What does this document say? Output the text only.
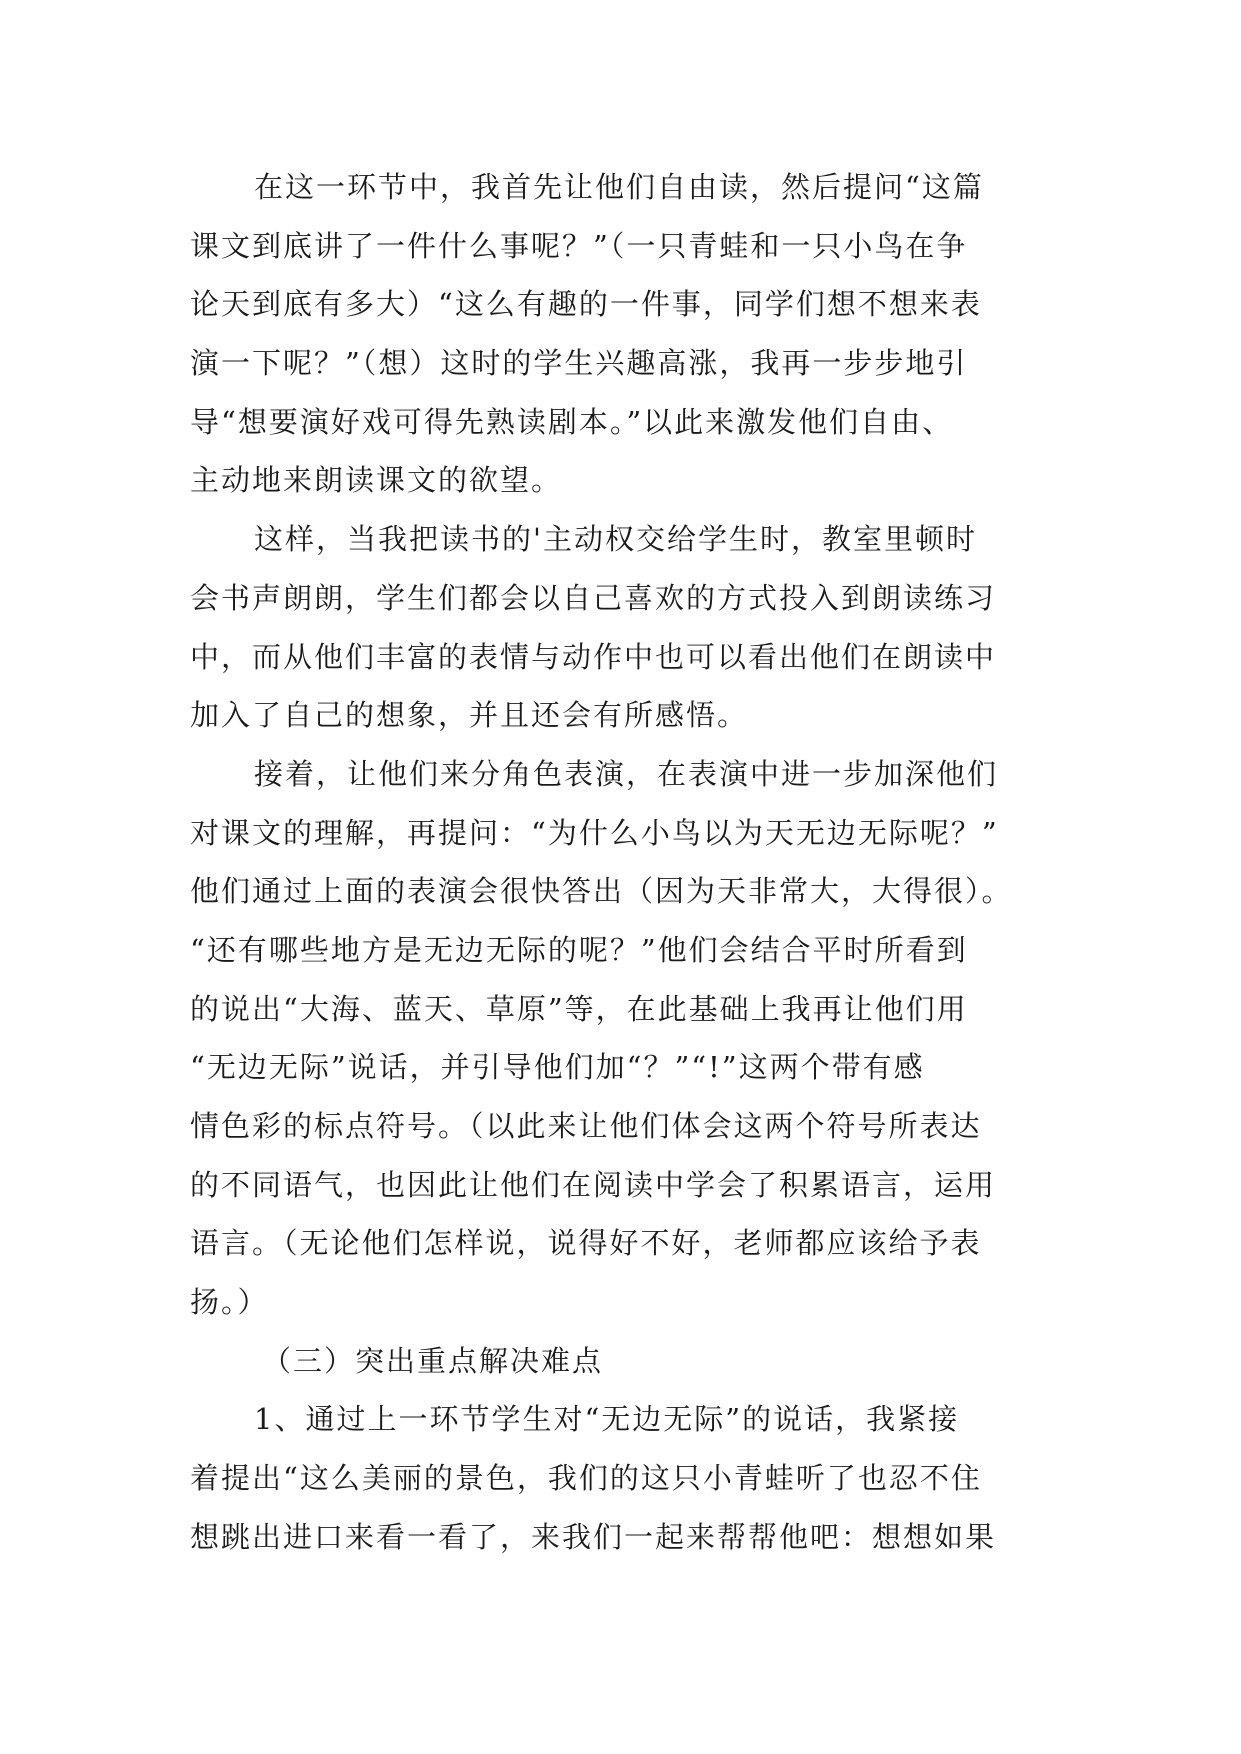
在这一环节中，我首先让他们自由读，然后提问“这篇
课文到底讲了一件什么事呢？”（一只青蛙和一只小鸟在争
论天到底有多大）“这么有趣的一件事，同学们想不想来表
演一下呢？”（想）这时的学生兴趣高涨，我再一步步地引
导“想要演好戏可得先熟读剧本。”以此来激发他们自由、
主动地来朗读课文的欲望。
这样，当我把读书的'主动权交给学生时，教室里顿时
会书声朗朗，学生们都会以自己喜欢的方式投入到朗读练习
中，而从他们丰富的表情与动作中也可以看出他们在朗读中
加入了自己的想象，并且还会有所感悟。
接着，让他们来分角色表演，在表演中进一步加深他们
对课文的理解，再提问：“为什么小鸟以为天无边无际呢？”
他们通过上面的表演会很快答出（因为天非常大，大得很）。
“还有哪些地方是无边无际的呢？”他们会结合平时所看到
的说出“大海、蓝天、草原”等，在此基础上我再让他们用
“无边无际”说话，并引导他们加“？”“!”这两个带有感
情色彩的标点符号。（以此来让他们体会这两个符号所表达
的不同语气，也因此让他们在阅读中学会了积累语言，运用
语言。（无论他们怎样说，说得好不好，老师都应该给予表
扬。）
（三）突出重点解决难点
1、通过上一环节学生对“无边无际”的说话，我紧接
着提出“这么美丽的景色，我们的这只小青蛙听了也忍不住
想跳出进口来看一看了，来我们一起来帮帮他吧：想想如果
